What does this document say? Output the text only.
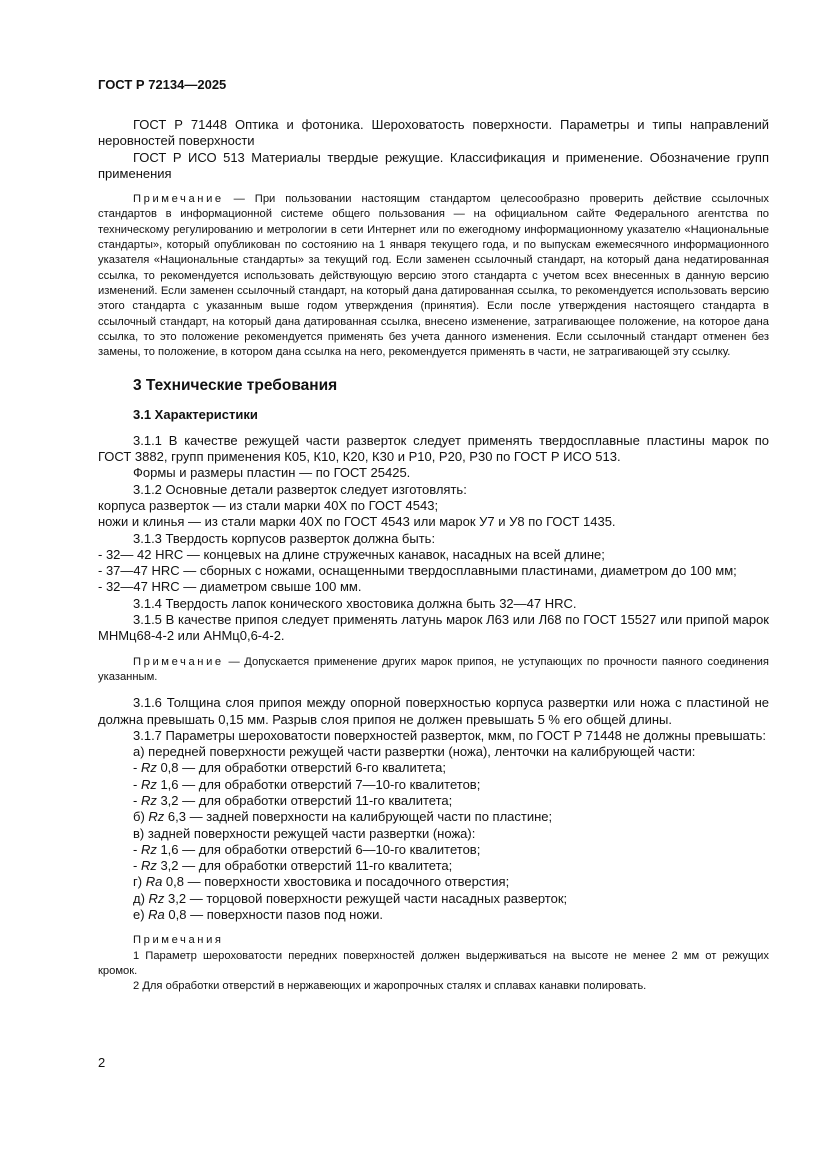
ГОСТ Р 72134—2025

ГОСТ Р 71448 Оптика и фотоника. Шероховатость поверхности. Параметры и типы направлений неровностей поверхности

ГОСТ Р ИСО 513 Материалы твердые режущие. Классификация и применение. Обозначение групп применения

Примечание — При пользовании настоящим стандартом целесообразно проверить действие ссылочных стандартов в информационной системе общего пользования — на официальном сайте Федерального агентства по техническому регулированию и метрологии в сети Интернет или по ежегодному информационному указателю «Национальные стандарты», который опубликован по состоянию на 1 января текущего года, и по выпускам ежемесячного информационного указателя «Национальные стандарты» за текущий год. Если заменен ссылочный стандарт, на который дана недатированная ссылка, то рекомендуется использовать действующую версию этого стандарта с учетом всех внесенных в данную версию изменений. Если заменен ссылочный стандарт, на который дана датированная ссылка, то рекомендуется использовать версию этого стандарта с указанным выше годом утверждения (принятия). Если после утверждения настоящего стандарта в ссылочный стандарт, на который дана датированная ссылка, внесено изменение, затрагивающее положение, на которое дана ссылка, то это положение рекомендуется применять без учета данного изменения. Если ссылочный стандарт отменен без замены, то положение, в котором дана ссылка на него, рекомендуется применять в части, не затрагивающей эту ссылку.

3 Технические требования

3.1 Характеристики

3.1.1 В качестве режущей части разверток следует применять твердосплавные пластины марок по ГОСТ 3882, групп применения К05, К10, К20, К30 и Р10, Р20, Р30 по ГОСТ Р ИСО 513.

Формы и размеры пластин — по ГОСТ 25425.

3.1.2 Основные детали разверток следует изготовлять:

корпуса разверток — из стали марки 40Х по ГОСТ 4543;

ножи и клинья — из стали марки 40Х по ГОСТ 4543 или марок У7 и У8 по ГОСТ 1435.

3.1.3 Твердость корпусов разверток должна быть:

- 32— 42 HRC — концевых на длине стружечных канавок, насадных на всей длине;

- 37—47 HRC — сборных с ножами, оснащенными твердосплавными пластинами, диаметром до 100 мм;

- 32—47 HRC — диаметром свыше 100 мм.

3.1.4 Твердость лапок конического хвостовика должна быть 32—47 HRC.

3.1.5 В качестве припоя следует применять латунь марок Л63 или Л68 по ГОСТ 15527 или припой марок МНМц68-4-2 или АНМц0,6-4-2.

Примечание — Допускается применение других марок припоя, не уступающих по прочности паяного соединения указанным.

3.1.6 Толщина слоя припоя между опорной поверхностью корпуса развертки или ножа с пластиной не должна превышать 0,15 мм. Разрыв слоя припоя не должен превышать 5 % его общей длины.

3.1.7 Параметры шероховатости поверхностей разверток, мкм, по ГОСТ Р 71448 не должны превышать:

а) передней поверхности режущей части развертки (ножа), ленточки на калибрующей части:

- Rz 0,8 — для обработки отверстий 6-го квалитета;

- Rz 1,6 — для обработки отверстий 7—10-го квалитетов;

- Rz 3,2 — для обработки отверстий 11-го квалитета;

б) Rz 6,3 — задней поверхности на калибрующей части по пластине;

в) задней поверхности режущей части развертки (ножа):

- Rz 1,6 — для обработки отверстий 6—10-го квалитетов;

- Rz 3,2 — для обработки отверстий 11-го квалитета;

г) Ra 0,8 — поверхности хвостовика и посадочного отверстия;

д) Rz 3,2 — торцовой поверхности режущей части насадных разверток;

е) Ra 0,8 — поверхности пазов под ножи.

Примечания

1 Параметр шероховатости передних поверхностей должен выдерживаться на высоте не менее 2 мм от режущих кромок.

2 Для обработки отверстий в нержавеющих и жаропрочных сталях и сплавах канавки полировать.

2
